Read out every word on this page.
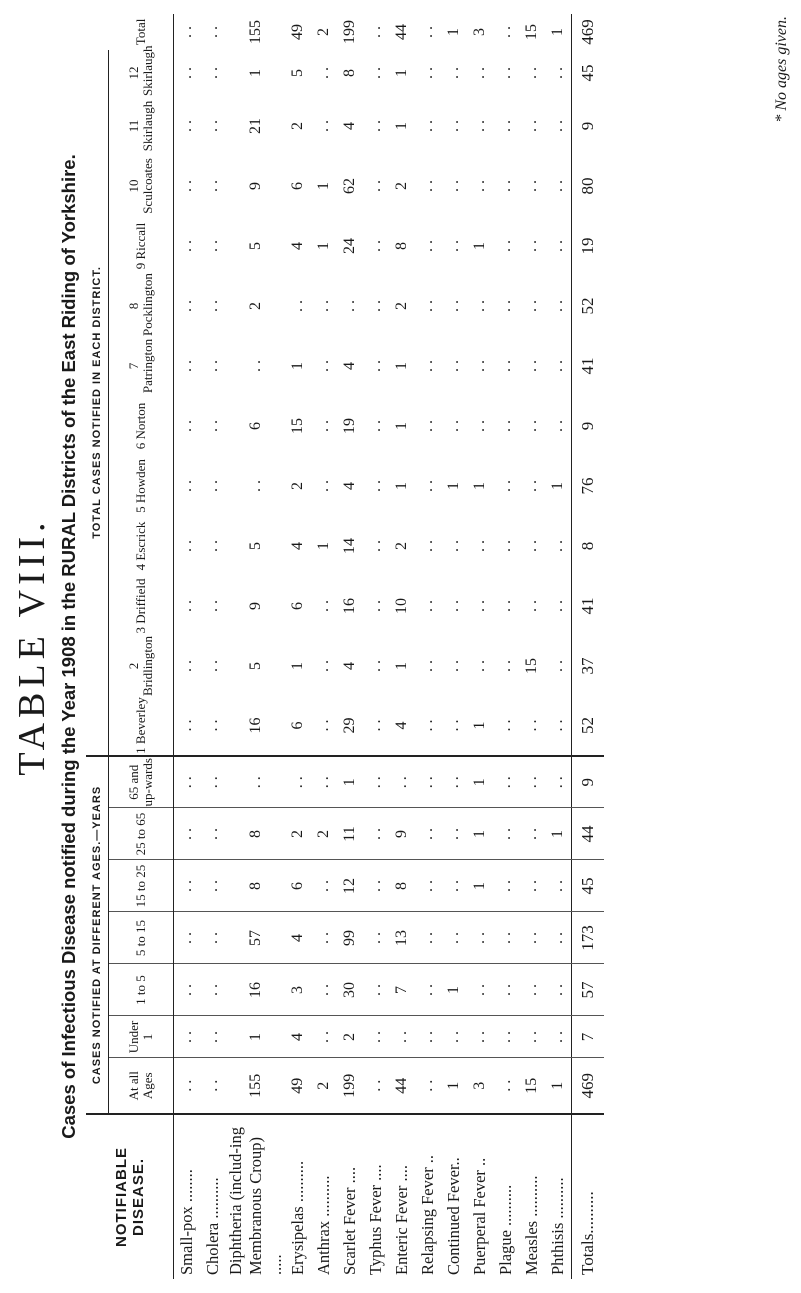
TABLE VIII. Cases of Infectious Disease notified during the Year 1908 in the RURAL Districts of the East Riding of Yorkshire.
NOTIFIABLE DISEASE.	CASES NOTIFIED AT DIFFERENT AGES.—YEARS							TOTAL CASES NOTIFIED IN EACH DISTRICT.												
	At all Ages	Under 1	1 to 5	5 to 15	15 to 25	25 to 65	65 and up-wards	1 Beverley	2 Bridlington	3 Driffield	4 Escrick	5 Howden	6 Norton	7 Patrington	8 Pocklington	9 Riccall	10 Sculcoates	11 Skirlaugh	12 Skirlaugh	Total
Small-pox ........	. .	. .	. .	. .	. .	. .	. .	. .	. .	. .	. .	. .	. .	. .	. .	. .	. .	. .	. .	. .
Cholera ..........	. .	. .	. .	. .	. .	. .	. .	. .	. .	. .	. .	. .	. .	. .	. .	. .	. .	. .	. .	. .
Diphtheria (includ-ing Membranous Croup) .....	155	1	16	57	8	8	. .	16	5	9	5	. .	6	. .	2	5	9	21	1	155
Erysipelas ..........	49	4	3	4	6	2	. .	6	1	6	4	2	15	1	. .	4	6	2	5	49
Anthrax ..........	2	. .	. .	. .	. .	2	. .	. .	. .	. .	1	. .	. .	. .	. .	1	1	. .	. .	2
Scarlet Fever ....	199	2	30	99	12	11	1	29	4	16	14	4	19	4	. .	24	62	4	8	199
Typhus Fever ....	. .	. .	. .	. .	. .	. .	. .	. .	. .	. .	. .	. .	. .	. .	. .	. .	. .	. .	. .	. .
Enteric Fever ....	44	. .	7	13	8	9	. .	4	1	10	2	1	1	1	2	8	2	1	1	44
Relapsing Fever ..	. .	. .	. .	. .	. .	. .	. .	. .	. .	. .	. .	. .	. .	. .	. .	. .	. .	. .	. .	. .
Continued Fever..	1	. .	1	. .	. .	. .	. .	. .	. .	. .	. .	1	. .	. .	. .	. .	. .	. .	. .	1
Puerperal Fever ..	3	. .	. .	. .	1	1	1	1	. .	. .	. .	1	. .	. .	. .	1	. .	. .	. .	3
Plague ..........	. .	. .	. .	. .	. .	. .	. .	. .	. .	. .	. .	. .	. .	. .	. .	. .	. .	. .	. .	. .
Measles ..........	15	. .	. .	. .	. .	. .	. .	. .	15	. .	. .	. .	. .	. .	. .	. .	. .	. .	. .	15
Phthisis ..........	1	. .	. .	. .	. .	1	. .	. .	. .	. .	. .	1	. .	. .	. .	. .	. .	. .	. .	1
Totals..........	469	7	57	173	45	44	9	52	37	41	8	76	9	41	52	19	80	9	45	469	* No ages given.
